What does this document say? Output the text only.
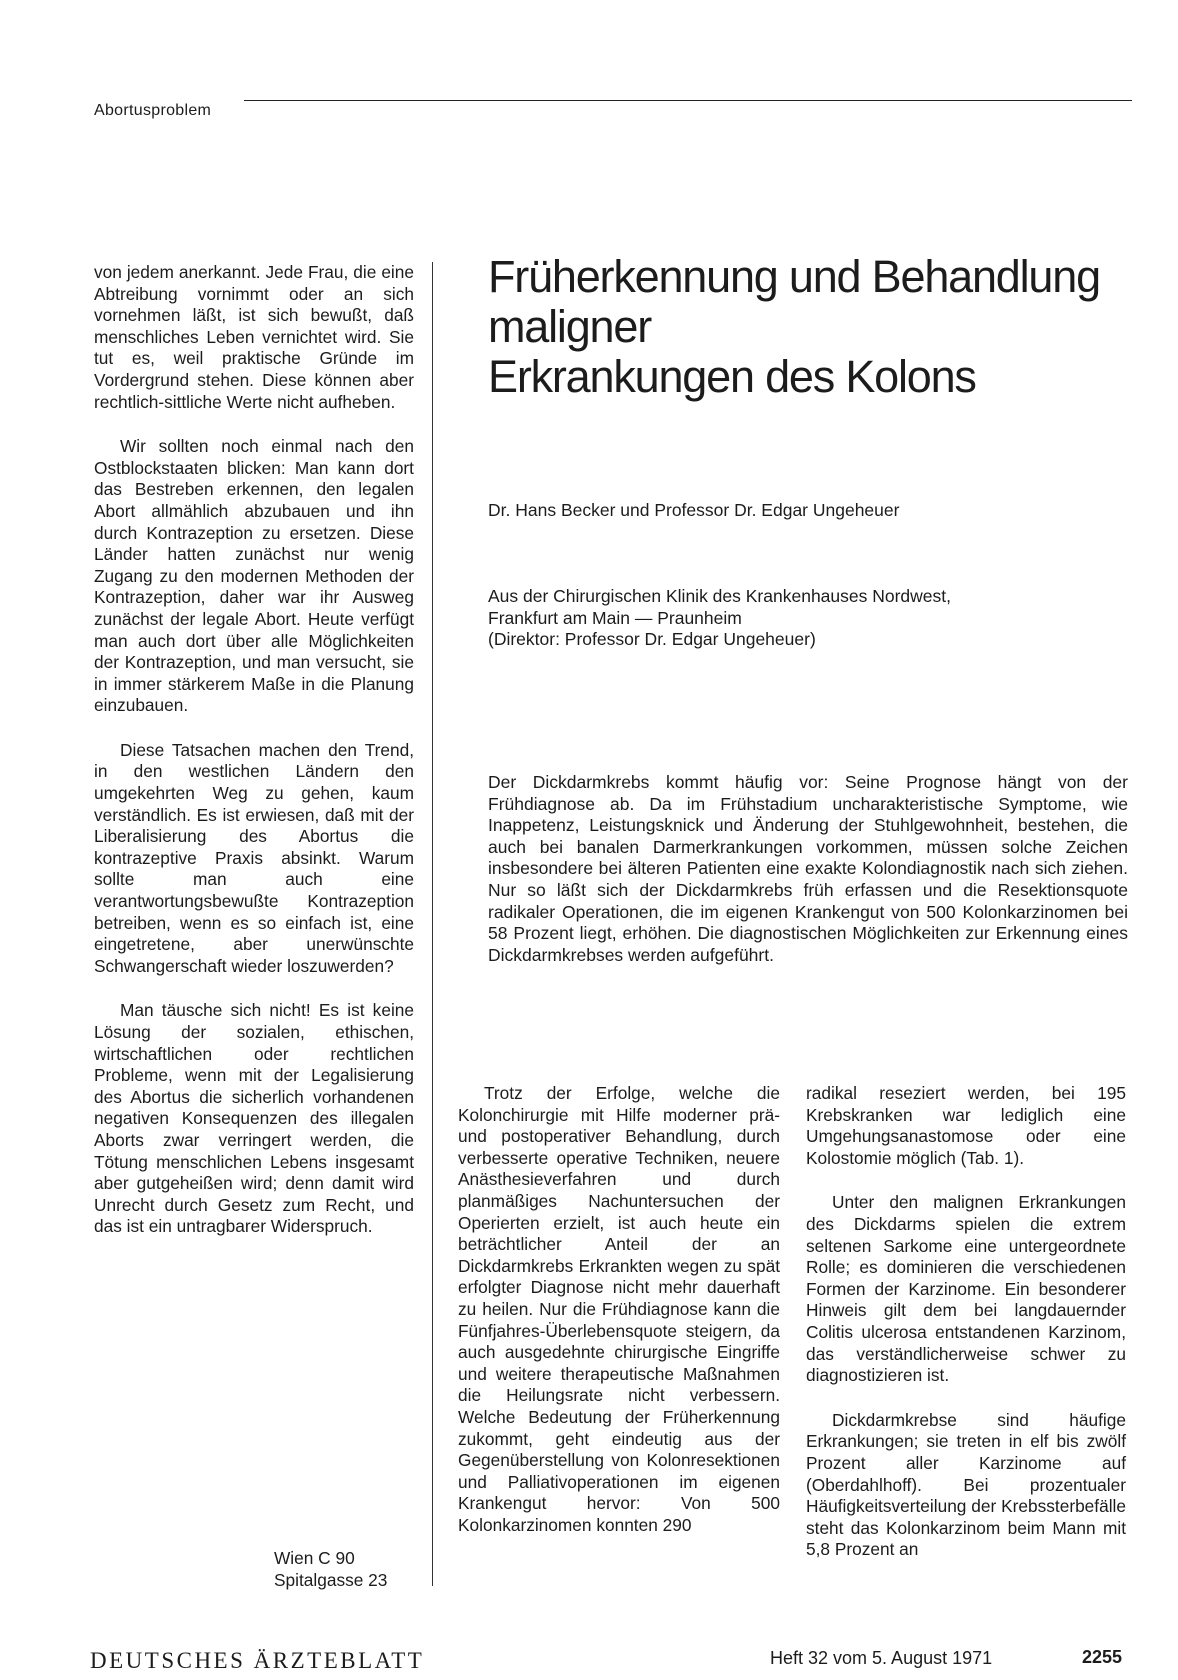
Abortusproblem

von jedem anerkannt. Jede Frau, die eine Abtreibung vornimmt oder an sich vornehmen läßt, ist sich bewußt, daß menschliches Leben vernichtet wird. Sie tut es, weil praktische Gründe im Vordergrund stehen. Diese können aber rechtlich-sittliche Werte nicht aufheben.

Wir sollten noch einmal nach den Ostblockstaaten blicken: Man kann dort das Bestreben erkennen, den legalen Abort allmählich abzubauen und ihn durch Kontrazeption zu ersetzen. Diese Länder hatten zunächst nur wenig Zugang zu den modernen Methoden der Kontrazeption, daher war ihr Ausweg zunächst der legale Abort. Heute verfügt man auch dort über alle Möglichkeiten der Kontrazeption, und man versucht, sie in immer stärkerem Maße in die Planung einzubauen.

Diese Tatsachen machen den Trend, in den westlichen Ländern den umgekehrten Weg zu gehen, kaum verständlich. Es ist erwiesen, daß mit der Liberalisierung des Abortus die kontrazeptive Praxis absinkt. Warum sollte man auch eine verantwortungsbewußte Kontrazeption betreiben, wenn es so einfach ist, eine eingetretene, aber unerwünschte Schwangerschaft wieder loszuwerden?

Man täusche sich nicht! Es ist keine Lösung der sozialen, ethischen, wirtschaftlichen oder rechtlichen Probleme, wenn mit der Legalisierung des Abortus die sicherlich vorhandenen negativen Konsequenzen des illegalen Aborts zwar verringert werden, die Tötung menschlichen Lebens insgesamt aber gutgeheißen wird; denn damit wird Unrecht durch Gesetz zum Recht, und das ist ein untragbarer Widerspruch.

Wien C 90
Spitalgasse 23
Früherkennung und Behandlung
maligner
Erkrankungen des Kolons
Dr. Hans Becker und Professor Dr. Edgar Ungeheuer
Aus der Chirurgischen Klinik des Krankenhauses Nordwest,
Frankfurt am Main — Praunheim
(Direktor: Professor Dr. Edgar Ungeheuer)
Der Dickdarmkrebs kommt häufig vor: Seine Prognose hängt von der Frühdiagnose ab. Da im Frühstadium uncharakteristische Symptome, wie Inappetenz, Leistungsknick und Änderung der Stuhlgewohnheit, bestehen, die auch bei banalen Darmerkrankungen vorkommen, müssen solche Zeichen insbesondere bei älteren Patienten eine exakte Kolondiagnostik nach sich ziehen. Nur so läßt sich der Dickdarmkrebs früh erfassen und die Resektionsquote radikaler Operationen, die im eigenen Krankengut von 500 Kolonkarzinomen bei 58 Prozent liegt, erhöhen. Die diagnostischen Möglichkeiten zur Erkennung eines Dickdarmkrebses werden aufgeführt.

Trotz der Erfolge, welche die Kolonchirurgie mit Hilfe moderner prä- und postoperativer Behandlung, durch verbesserte operative Techniken, neuere Anästhesieverfahren und durch planmäßiges Nachuntersuchen der Operierten erzielt, ist auch heute ein beträchtlicher Anteil der an Dickdarmkrebs Erkrankten wegen zu spät erfolgter Diagnose nicht mehr dauerhaft zu heilen. Nur die Frühdiagnose kann die Fünfjahres-Überlebensquote steigern, da auch ausgedehnte chirurgische Eingriffe und weitere therapeutische Maßnahmen die Heilungsrate nicht verbessern. Welche Bedeutung der Früherkennung zukommt, geht eindeutig aus der Gegenüberstellung von Kolonresektionen und Palliativoperationen im eigenen Krankengut hervor: Von 500 Kolonkarzinomen konnten 290

radikal reseziert werden, bei 195 Krebskranken war lediglich eine Umgehungsanastomose oder eine Kolostomie möglich (Tab. 1).

Unter den malignen Erkrankungen des Dickdarms spielen die extrem seltenen Sarkome eine untergeordnete Rolle; es dominieren die verschiedenen Formen der Karzinome. Ein besonderer Hinweis gilt dem bei langdauernder Colitis ulcerosa entstandenen Karzinom, das verständlicherweise schwer zu diagnostizieren ist.

Dickdarmkrebse sind häufige Erkrankungen; sie treten in elf bis zwölf Prozent aller Karzinome auf (Oberdahlhoff). Bei prozentualer Häufigkeitsverteilung der Krebssterbefälle steht das Kolonkarzinom beim Mann mit 5,8 Prozent an

DEUTSCHES ÄRZTEBLATT	Heft 32 vom 5. August 1971	2255
